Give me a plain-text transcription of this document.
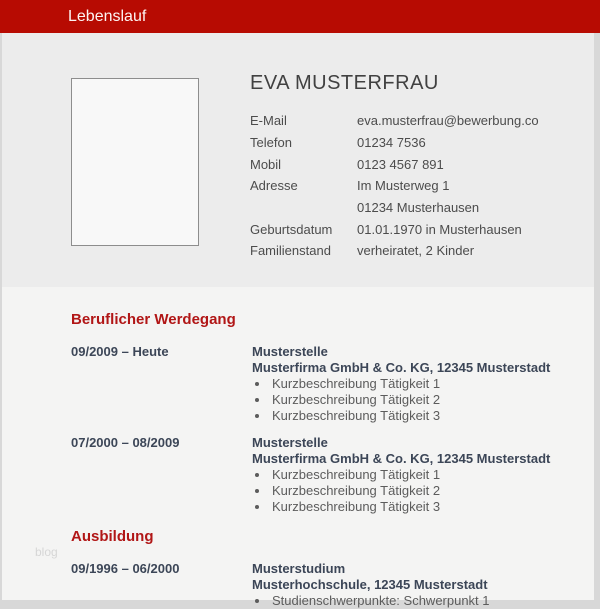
Lebenslauf
EVA MUSTERFRAU
E-Mail	eva.musterfrau@bewerbung.co
Telefon	01234 7536
Mobil	0123 4567 891
Adresse	Im Musterweg 1
01234 Musterhausen
Geburtsdatum	01.01.1970 in Musterhausen
Familienstand	verheiratet, 2 Kinder
Beruflicher Werdegang
09/2009 – Heute	Musterstelle
Musterfirma GmbH & Co. KG, 12345 Musterstadt
Kurzbeschreibung Tätigkeit 1
Kurzbeschreibung Tätigkeit 2
Kurzbeschreibung Tätigkeit 3
07/2000 – 08/2009	Musterstelle
Musterfirma GmbH & Co. KG, 12345 Musterstadt
Kurzbeschreibung Tätigkeit 1
Kurzbeschreibung Tätigkeit 2
Kurzbeschreibung Tätigkeit 3
Ausbildung
09/1996 – 06/2000	Musterstudium
Musterhochschule, 12345 Musterstadt
Studienschwerpunkte: Schwerpunkt 1
blog
